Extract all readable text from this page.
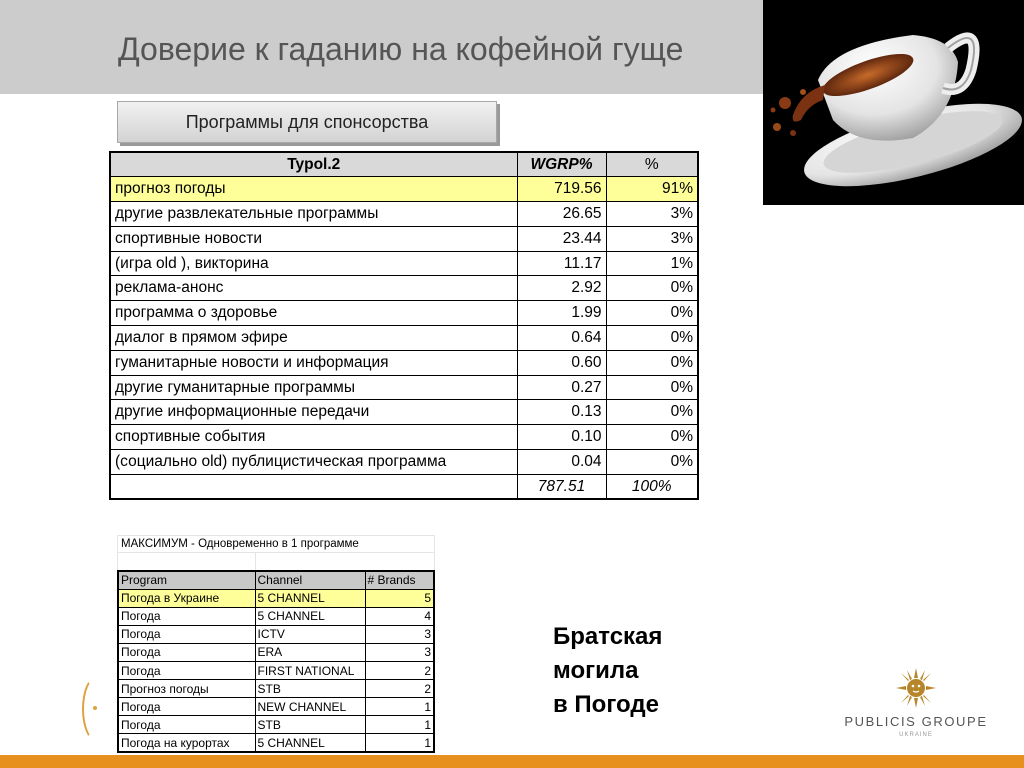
Доверие к гаданию на кофейной гуще
Программы для спонсорства
Typol.2	WGRP%	%
прогноз погоды	719.56	91%
другие развлекательные программы	26.65	3%
спортивные новости	23.44	3%
(игра old ), викторина	11.17	1%
реклама-анонс	2.92	0%
программа о здоровье	1.99	0%
диалог в прямом эфире	0.64	0%
гуманитарные новости и информация	0.60	0%
другие гуманитарные программы	0.27	0%
другие информационные передачи	0.13	0%
спортивные события	0.10	0%
(социально old) публицистическая программа	0.04	0%
	787.51	100%
МАКСИМУМ - Одновременно в 1 программе
Program	Channel	# Brands
Погода в Украине	5 CHANNEL	5
Погода	5 CHANNEL	4
Погода	ICTV	3
Погода	ERA	3
Погода	FIRST NATIONAL	2
Прогноз погоды	STB	2
Погода	NEW CHANNEL	1
Погода	STB	1
Погода на курортах	5 CHANNEL	1
Братская
могила
в Погоде
PUBLICIS GROUPE
UKRAINE
